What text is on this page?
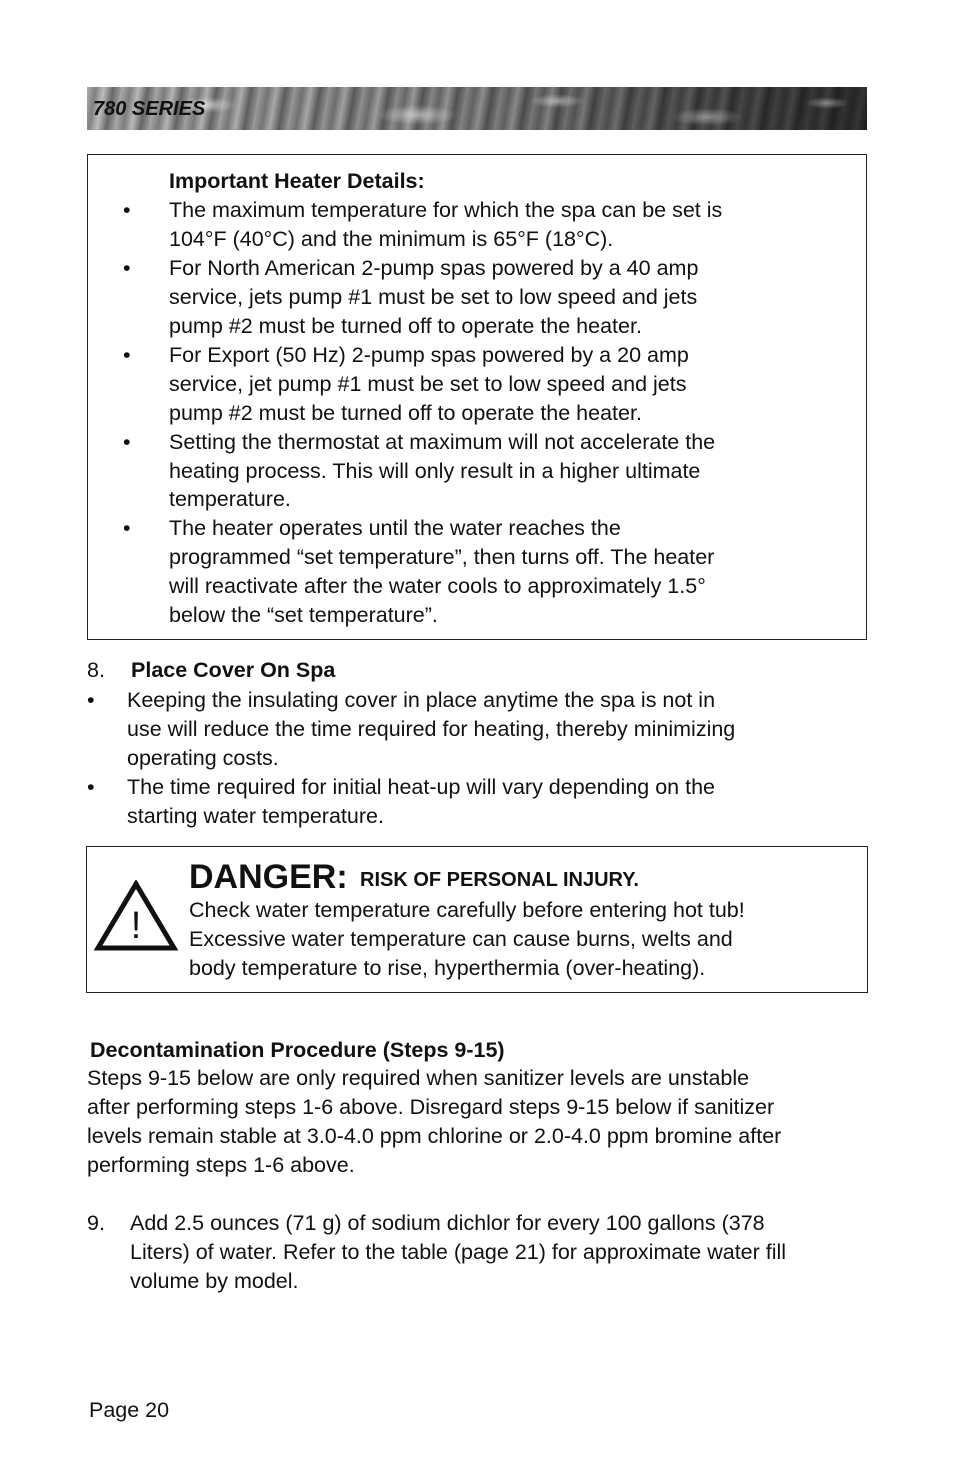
780 SERIES
Important Heater Details:
• The maximum temperature for which the spa can be set is
104°F (40°C) and the minimum is 65°F (18°C).
• For North American 2-pump spas powered by a 40 amp
service, jets pump #1 must be set to low speed and jets
pump #2 must be turned off to operate the heater.
• For Export (50 Hz) 2-pump spas powered by a 20 amp
service, jet pump #1 must be set to low speed and jets
pump #2 must be turned off to operate the heater.
• Setting the thermostat at maximum will not accelerate the
heating process. This will only result in a higher ultimate
temperature.
• The heater operates until the water reaches the
programmed “set temperature”, then turns off. The heater
will reactivate after the water cools to approximately 1.5°
below the “set temperature”.
8. Place Cover On Spa
• Keeping the insulating cover in place anytime the spa is not in
use will reduce the time required for heating, thereby minimizing
operating costs.
• The time required for initial heat-up will vary depending on the
starting water temperature.
!
DANGER: RISK OF PERSONAL INJURY.
Check water temperature carefully before entering hot tub!
Excessive water temperature can cause burns, welts and
body temperature to rise, hyperthermia (over-heating).
Decontamination Procedure (Steps 9-15)
Steps 9-15 below are only required when sanitizer levels are unstable
after performing steps 1-6 above. Disregard steps 9-15 below if sanitizer
levels remain stable at 3.0-4.0 ppm chlorine or 2.0-4.0 ppm bromine after
performing steps 1-6 above.
9. Add 2.5 ounces (71 g) of sodium dichlor for every 100 gallons (378
Liters) of water. Refer to the table (page 21) for approximate water fill
volume by model.
Page 20
